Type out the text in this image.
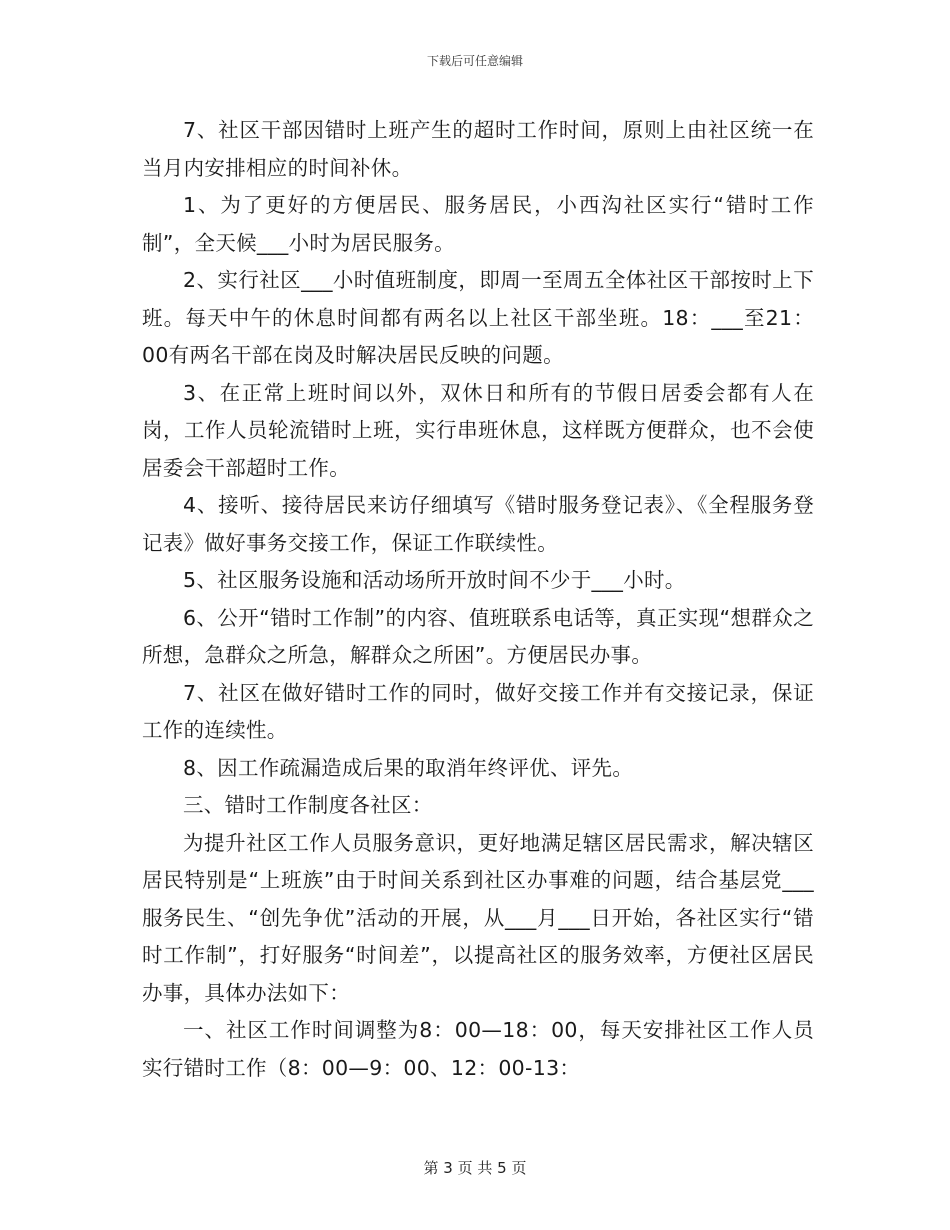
下载后可任意编辑

7、社区干部因错时上班产生的超时工作时间，原则上由社区统一在当月内安排相应的时间补休。

1、为了更好的方便居民、服务居民，小西沟社区实行“错时工作制”，全天候___小时为居民服务。

2、实行社区___小时值班制度，即周一至周五全体社区干部按时上下班。每天中午的休息时间都有两名以上社区干部坐班。18：___至21：00有两名干部在岗及时解决居民反映的问题。

3、在正常上班时间以外，双休日和所有的节假日居委会都有人在岗，工作人员轮流错时上班，实行串班休息，这样既方便群众，也不会使居委会干部超时工作。

4、接听、接待居民来访仔细填写《错时服务登记表》、《全程服务登记表》做好事务交接工作，保证工作联续性。

5、社区服务设施和活动场所开放时间不少于___小时。

6、公开“错时工作制”的内容、值班联系电话等，真正实现“想群众之所想，急群众之所急，解群众之所困”。方便居民办事。

7、社区在做好错时工作的同时，做好交接工作并有交接记录，保证工作的连续性。

8、因工作疏漏造成后果的取消年终评优、评先。

三、错时工作制度各社区：

为提升社区工作人员服务意识，更好地满足辖区居民需求，解决辖区居民特别是“上班族”由于时间关系到社区办事难的问题，结合基层党___服务民生、“创先争优”活动的开展，从___月___日开始，各社区实行“错时工作制”，打好服务“时间差”，以提高社区的服务效率，方便社区居民办事，具体办法如下：

一、社区工作时间调整为8：00—18：00，每天安排社区工作人员实行错时工作（8：00—9：00、12：00-13：

第 3 页 共 5 页
